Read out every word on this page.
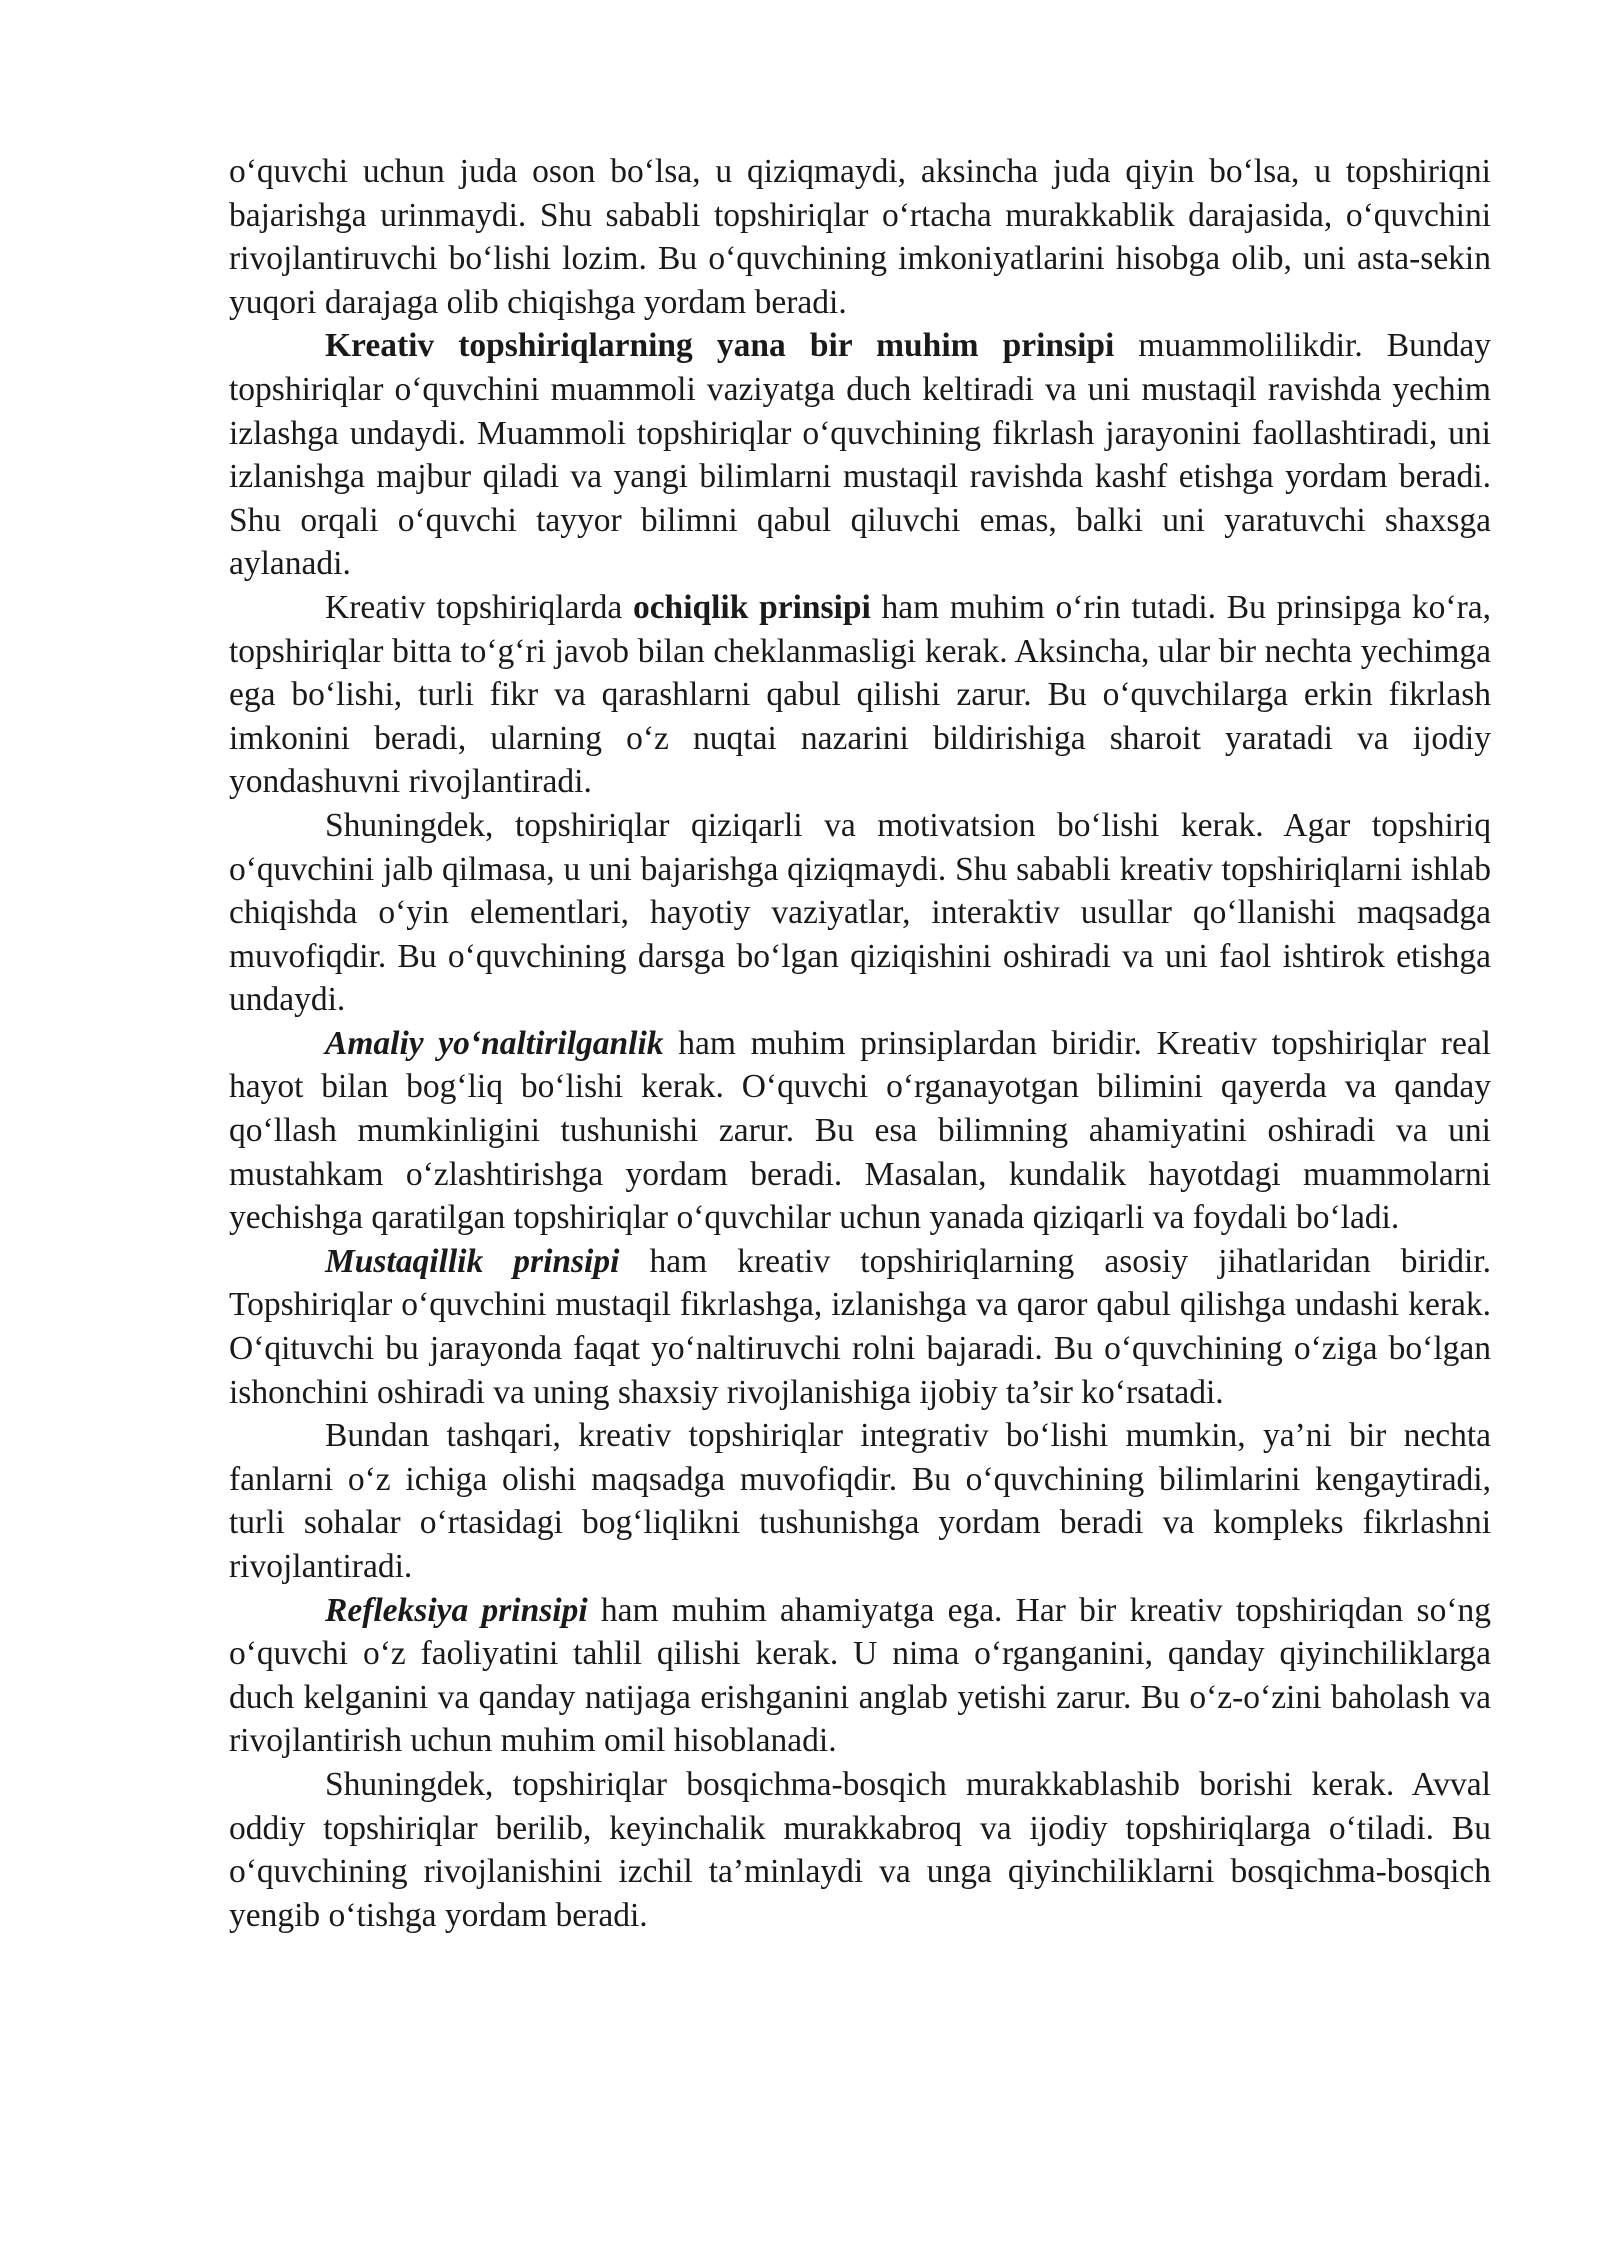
o‘quvchi uchun juda oson bo‘lsa, u qiziqmaydi, aksincha juda qiyin bo‘lsa, u topshiriqni bajarishga urinmaydi. Shu sababli topshiriqlar o‘rtacha murakkablik darajasida, o‘quvchini rivojlantiruvchi bo‘lishi lozim. Bu o‘quvchining imkoniyatlarini hisobga olib, uni asta-sekin yuqori darajaga olib chiqishga yordam beradi.

Kreativ topshiriqlarning yana bir muhim prinsipi muammolilikdir. Bunday topshiriqlar o‘quvchini muammoli vaziyatga duch keltiradi va uni mustaqil ravishda yechim izlashga undaydi. Muammoli topshiriqlar o‘quvchining fikrlash jarayonini faollashtiradi, uni izlanishga majbur qiladi va yangi bilimlarni mustaqil ravishda kashf etishga yordam beradi. Shu orqali o‘quvchi tayyor bilimni qabul qiluvchi emas, balki uni yaratuvchi shaxsga aylanadi.

Kreativ topshiriqlarda ochiqlik prinsipi ham muhim o‘rin tutadi. Bu prinsipga ko‘ra, topshiriqlar bitta to‘g‘ri javob bilan cheklanmasligi kerak. Aksincha, ular bir nechta yechimga ega bo‘lishi, turli fikr va qarashlarni qabul qilishi zarur. Bu o‘quvchilarga erkin fikrlash imkonini beradi, ularning o‘z nuqtai nazarini bildirishiga sharoit yaratadi va ijodiy yondashuvni rivojlantiradi.

Shuningdek, topshiriqlar qiziqarli va motivatsion bo‘lishi kerak. Agar topshiriq o‘quvchini jalb qilmasa, u uni bajarishga qiziqmaydi. Shu sababli kreativ topshiriqlarni ishlab chiqishda o‘yin elementlari, hayotiy vaziyatlar, interaktiv usullar qo‘llanishi maqsadga muvofiqdir. Bu o‘quvchining darsga bo‘lgan qiziqishini oshiradi va uni faol ishtirok etishga undaydi.

Amaliy yo‘naltirilganlik ham muhim prinsiplardan biridir. Kreativ topshiriqlar real hayot bilan bog‘liq bo‘lishi kerak. O‘quvchi o‘rganayotgan bilimini qayerda va qanday qo‘llash mumkinligini tushunishi zarur. Bu esa bilimning ahamiyatini oshiradi va uni mustahkam o‘zlashtirishga yordam beradi. Masalan, kundalik hayotdagi muammolarni yechishga qaratilgan topshiriqlar o‘quvchilar uchun yanada qiziqarli va foydali bo‘ladi.

Mustaqillik prinsipi ham kreativ topshiriqlarning asosiy jihatlaridan biridir. Topshiriqlar o‘quvchini mustaqil fikrlashga, izlanishga va qaror qabul qilishga undashi kerak. O‘qituvchi bu jarayonda faqat yo‘naltiruvchi rolni bajaradi. Bu o‘quvchining o‘ziga bo‘lgan ishonchini oshiradi va uning shaxsiy rivojlanishiga ijobiy ta’sir ko‘rsatadi.

Bundan tashqari, kreativ topshiriqlar integrativ bo‘lishi mumkin, ya’ni bir nechta fanlarni o‘z ichiga olishi maqsadga muvofiqdir. Bu o‘quvchining bilimlarini kengaytiradi, turli sohalar o‘rtasidagi bog‘liqlikni tushunishga yordam beradi va kompleks fikrlashni rivojlantiradi.

Refleksiya prinsipi ham muhim ahamiyatga ega. Har bir kreativ topshiriqdan so‘ng o‘quvchi o‘z faoliyatini tahlil qilishi kerak. U nima o‘rganganini, qanday qiyinchiliklarga duch kelganini va qanday natijaga erishganini anglab yetishi zarur. Bu o‘z-o‘zini baholash va rivojlantirish uchun muhim omil hisoblanadi.

Shuningdek, topshiriqlar bosqichma-bosqich murakkablashib borishi kerak. Avval oddiy topshiriqlar berilib, keyinchalik murakkabroq va ijodiy topshiriqlarga o‘tiladi. Bu o‘quvchining rivojlanishini izchil ta’minlaydi va unga qiyinchiliklarni bosqichma-bosqich yengib o‘tishga yordam beradi.
